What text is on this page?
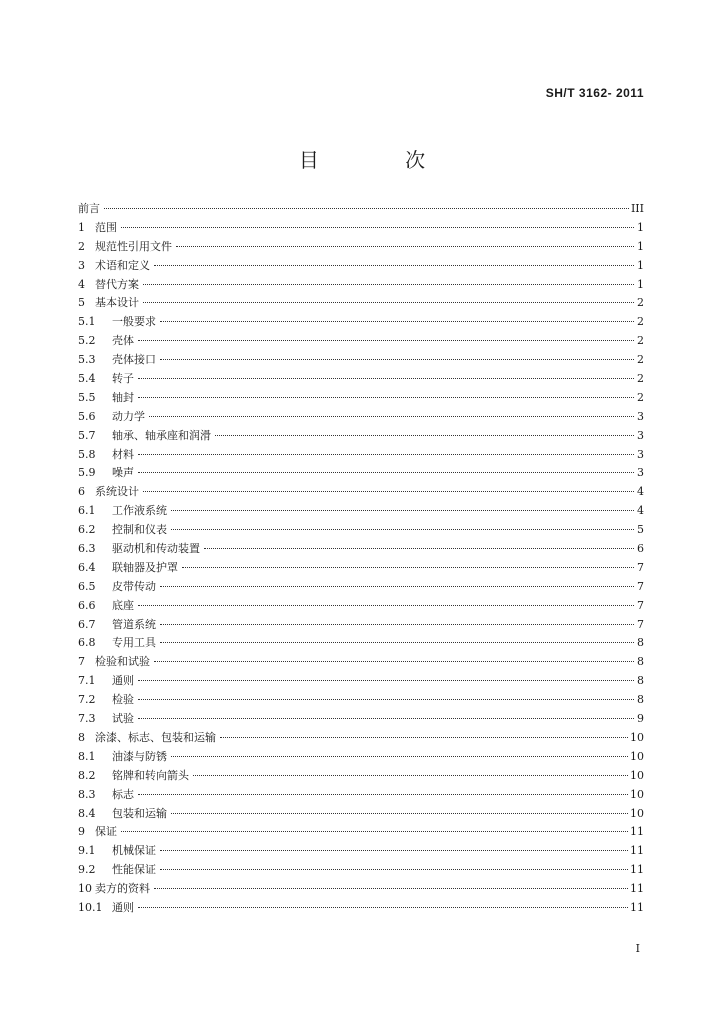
SH/T 3162- 2011
目 次
前言	III
1 范围	1
2 规范性引用文件	1
3 术语和定义	1
4 替代方案	1
5 基本设计	2
5.1	一般要求	2
5.2	壳体	2
5.3	壳体接口	2
5.4	转子	2
5.5	轴封	2
5.6	动力学	3
5.7	轴承、轴承座和润滑	3
5.8	材料	3
5.9	噪声	3
6 系统设计	4
6.1	工作液系统	4
6.2	控制和仪表	5
6.3	驱动机和传动装置	6
6.4	联轴器及护罩	7
6.5	皮带传动	7
6.6	底座	7
6.7	管道系统	7
6.8	专用工具	8
7 检验和试验	8
7.1	通则	8
7.2	检验	8
7.3	试验	9
8 涂漆、标志、包装和运输	10
8.1	油漆与防锈	10
8.2	铭牌和转向箭头	10
8.3	标志	10
8.4	包装和运输	10
9 保证	11
9.1	机械保证	11
9.2	性能保证	11
10 卖方的资料	11
10.1 通则	11
I
